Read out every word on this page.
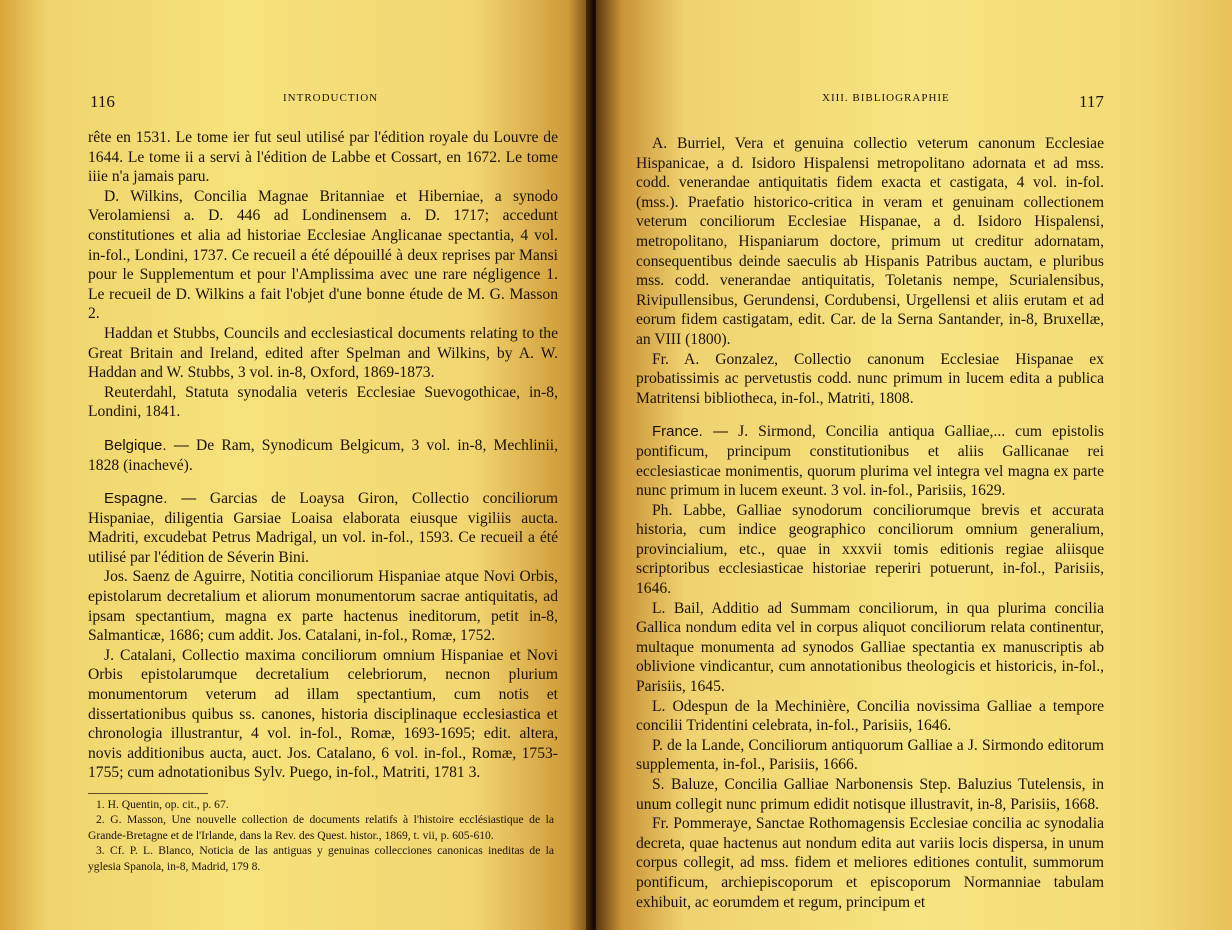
116	INTRODUCTION

rête en 1531. Le tome ier fut seul utilisé par l'édition royale du Louvre de 1644. Le tome ii a servi à l'édition de Labbe et Cossart, en 1672. Le tome iiie n'a jamais paru.

D. Wilkins, Concilia Magnae Britanniae et Hiberniae, a synodo Verolamiensi a. D. 446 ad Londinensem a. D. 1717; accedunt constitutiones et alia ad historiae Ecclesiae Anglicanae spectantia, 4 vol. in-fol., Londini, 1737. Ce recueil a été dépouillé à deux reprises par Mansi pour le Supplementum et pour l'Amplissima avec une rare négligence 1. Le recueil de D. Wilkins a fait l'objet d'une bonne étude de M. G. Masson 2.

Haddan et Stubbs, Councils and ecclesiastical documents relating to the Great Britain and Ireland, edited after Spelman and Wilkins, by A. W. Haddan and W. Stubbs, 3 vol. in-8, Oxford, 1869-1873.

Reuterdahl, Statuta synodalia veteris Ecclesiae Suevogothicae, in-8, Londini, 1841.

Belgique. — De Ram, Synodicum Belgicum, 3 vol. in-8, Mechlinii, 1828 (inachevé).

Espagne. — Garcias de Loaysa Giron, Collectio conciliorum Hispaniae, diligentia Garsiae Loaisa elaborata eiusque vigiliis aucta. Madriti, excudebat Petrus Madrigal, un vol. in-fol., 1593. Ce recueil a été utilisé par l'édition de Séverin Bini.

Jos. Saenz de Aguirre, Notitia conciliorum Hispaniae atque Novi Orbis, epistolarum decretalium et aliorum monumentorum sacrae antiquitatis, ad ipsam spectantium, magna ex parte hactenus ineditorum, petit in-8, Salmanticæ, 1686; cum addit. Jos. Catalani, in-fol., Romæ, 1752.

J. Catalani, Collectio maxima conciliorum omnium Hispaniae et Novi Orbis epistolarumque decretalium celebriorum, necnon plurium monumentorum veterum ad illam spectantium, cum notis et dissertationibus quibus ss. canones, historia disciplinaque ecclesiastica et chronologia illustrantur, 4 vol. in-fol., Romæ, 1693-1695; edit. altera, novis additionibus aucta, auct. Jos. Catalano, 6 vol. in-fol., Romæ, 1753-1755; cum adnotationibus Sylv. Puego, in-fol., Matriti, 1781 3.

1. H. Quentin, op. cit., p. 67.

2. G. Masson, Une nouvelle collection de documents relatifs à l'histoire ecclésiastique de la Grande-Bretagne et de l'Irlande, dans la Rev. des Quest. histor., 1869, t. vii, p. 605-610.

3. Cf. P. L. Blanco, Noticia de las antiguas y genuinas collecciones canonicas ineditas de la yglesia Spanola, in-8, Madrid, 179 8.

XIII. BIBLIOGRAPHIE	117

A. Burriel, Vera et genuina collectio veterum canonum Ecclesiae Hispanicae, a d. Isidoro Hispalensi metropolitano adornata et ad mss. codd. venerandae antiquitatis fidem exacta et castigata, 4 vol. in-fol. (mss.). Praefatio historico-critica in veram et genuinam collectionem veterum conciliorum Ecclesiae Hispanae, a d. Isidoro Hispalensi, metropolitano, Hispaniarum doctore, primum ut creditur adornatam, consequentibus deinde saeculis ab Hispanis Patribus auctam, e pluribus mss. codd. venerandae antiquitatis, Toletanis nempe, Scurialensibus, Rivipullensibus, Gerundensi, Cordubensi, Urgellensi et aliis erutam et ad eorum fidem castigatam, edit. Car. de la Serna Santander, in-8, Bruxellæ, an VIII (1800).

Fr. A. Gonzalez, Collectio canonum Ecclesiae Hispanae ex probatissimis ac pervetustis codd. nunc primum in lucem edita a publica Matritensi bibliotheca, in-fol., Matriti, 1808.

France. — J. Sirmond, Concilia antiqua Galliae,... cum epistolis pontificum, principum constitutionibus et aliis Gallicanae rei ecclesiasticae monimentis, quorum plurima vel integra vel magna ex parte nunc primum in lucem exeunt. 3 vol. in-fol., Parisiis, 1629.

Ph. Labbe, Galliae synodorum conciliorumque brevis et accurata historia, cum indice geographico conciliorum omnium generalium, provincialium, etc., quae in xxxvii tomis editionis regiae aliisque scriptoribus ecclesiasticae historiae reperiri potuerunt, in-fol., Parisiis, 1646.

L. Bail, Additio ad Summam conciliorum, in qua plurima concilia Gallica nondum edita vel in corpus aliquot conciliorum relata continentur, multaque monumenta ad synodos Galliae spectantia ex manuscriptis ab oblivione vindicantur, cum annotationibus theologicis et historicis, in-fol., Parisiis, 1645.

L. Odespun de la Mechinière, Concilia novissima Galliae a tempore concilii Tridentini celebrata, in-fol., Parisiis, 1646.

P. de la Lande, Conciliorum antiquorum Galliae a J. Sirmondo editorum supplementa, in-fol., Parisiis, 1666.

S. Baluze, Concilia Galliae Narbonensis Step. Baluzius Tutelensis, in unum collegit nunc primum edidit notisque illustravit, in-8, Parisiis, 1668.

Fr. Pommeraye, Sanctae Rothomagensis Ecclesiae concilia ac synodalia decreta, quae hactenus aut nondum edita aut variis locis dispersa, in unum corpus collegit, ad mss. fidem et meliores editiones contulit, summorum pontificum, archiepiscoporum et episcoporum Normanniae tabulam exhibuit, ac eorumdem et regum, principum et
